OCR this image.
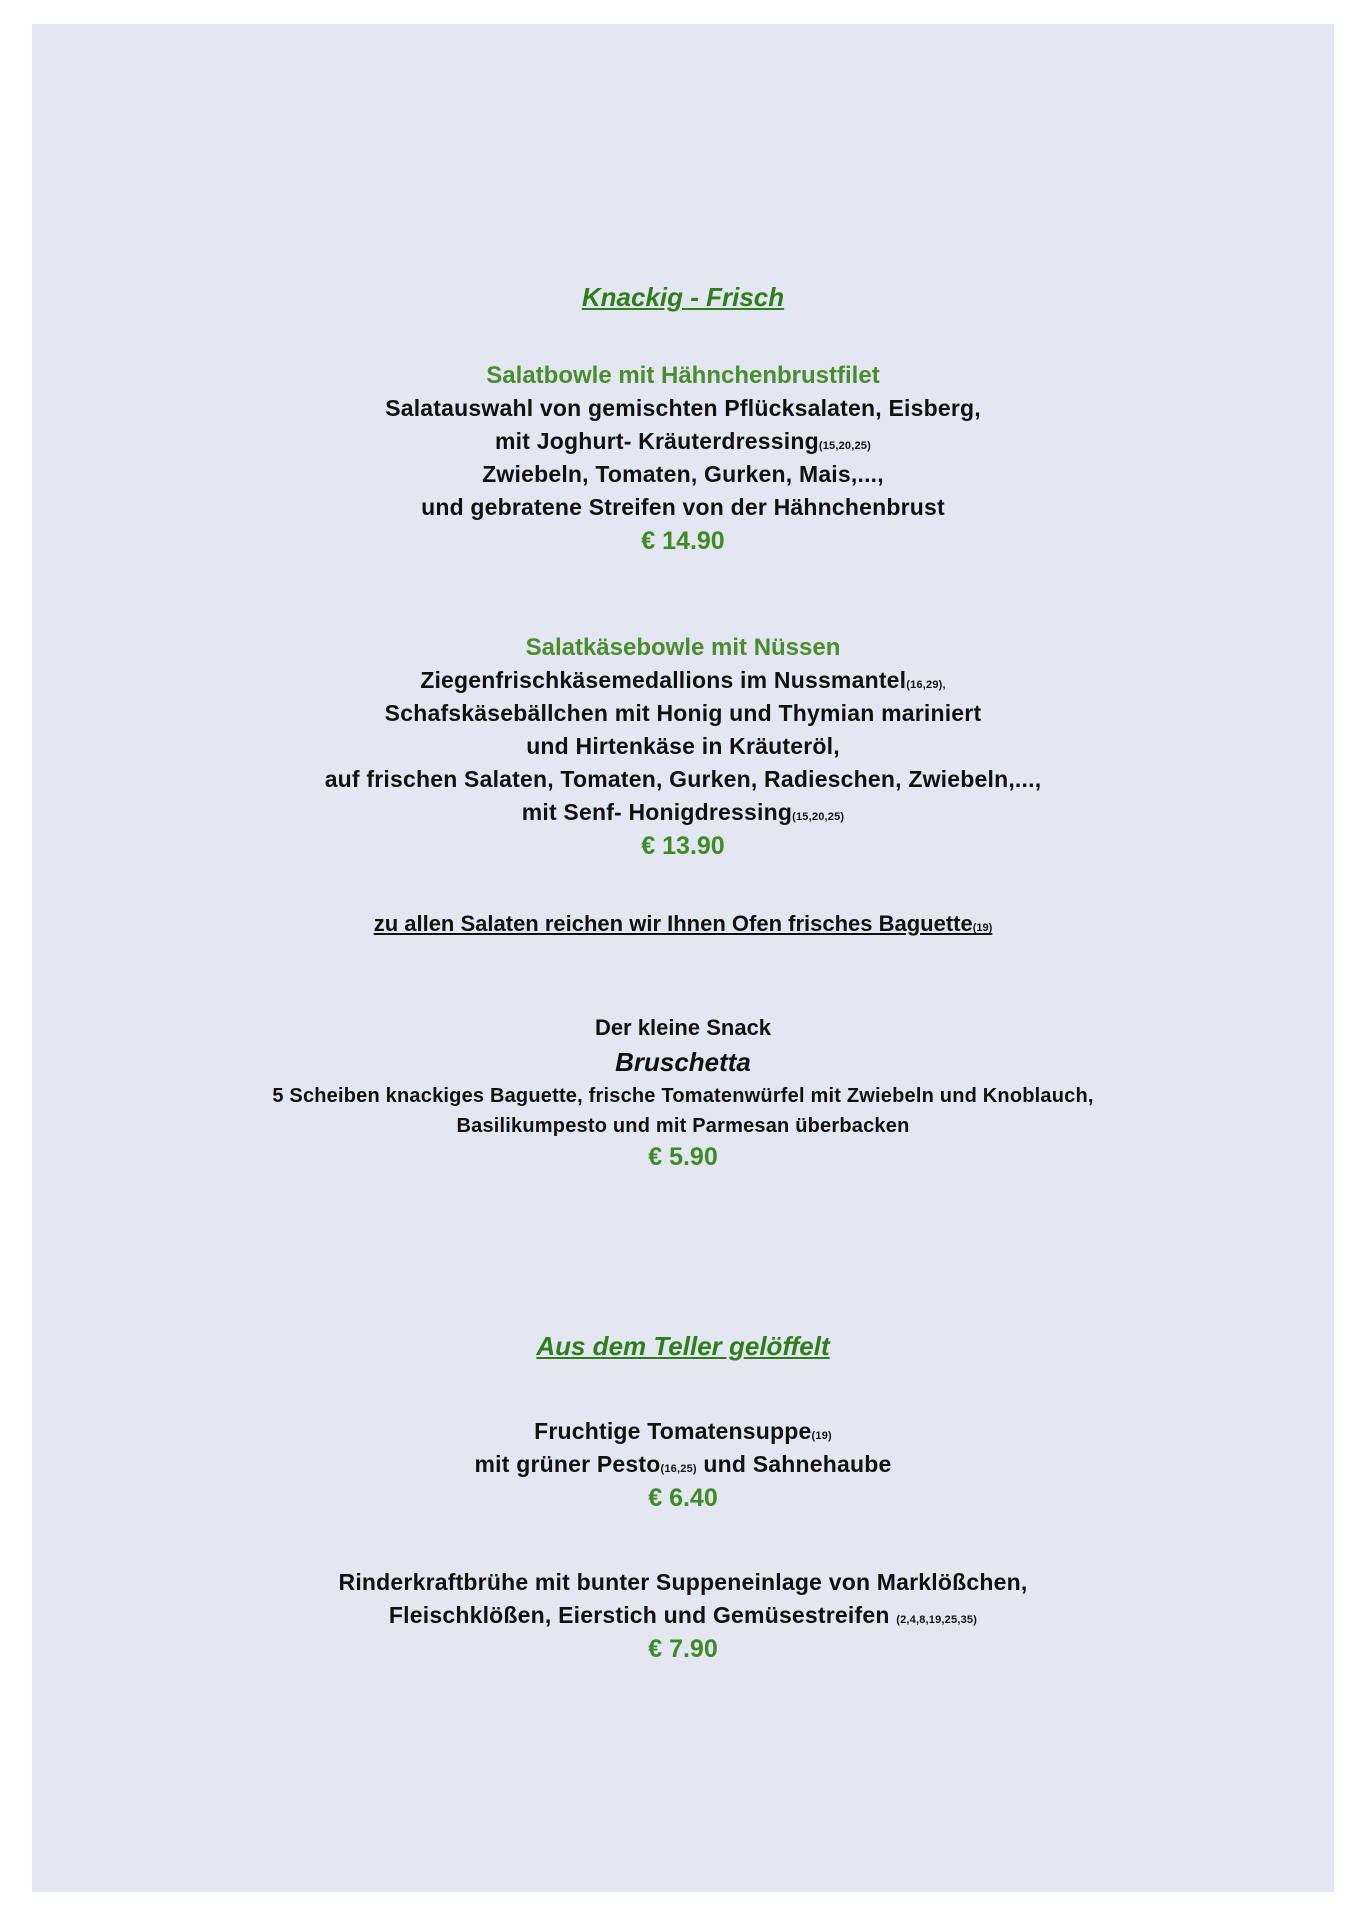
Knackig - Frisch
Salatbowle mit Hähnchenbrustfilet
Salatauswahl von gemischten Pflücksalaten, Eisberg,
mit Joghurt- Kräuterdressing(15,20,25)
Zwiebeln, Tomaten, Gurken, Mais,...,
und gebratene Streifen von der Hähnchenbrust
€ 14.90
Salatkäsebowle mit Nüssen
Ziegenfrischkäsemedallions im Nussmantel(16,29),
Schafskäsebällchen mit Honig und Thymian mariniert
und Hirtenkäse in Kräuteröl,
auf frischen Salaten, Tomaten, Gurken, Radieschen, Zwiebeln,...,
mit Senf- Honigdressing(15,20,25)
€ 13.90
zu allen Salaten reichen wir Ihnen Ofen frisches Baguette(19)
Der kleine Snack
Bruschetta
5 Scheiben knackiges Baguette, frische Tomatenwürfel mit Zwiebeln und Knoblauch,
Basilikumpesto und mit Parmesan überbacken
€ 5.90
Aus dem Teller gelöffelt
Fruchtige Tomatensuppe(19)
mit grüner Pesto(16,25) und Sahnehaube
€ 6.40
Rinderkraftbrühe mit bunter Suppeneinlage von Marklößchen,
Fleischklößen, Eierstich und Gemüsestreifen (2,4,8,19,25,35)
€ 7.90
